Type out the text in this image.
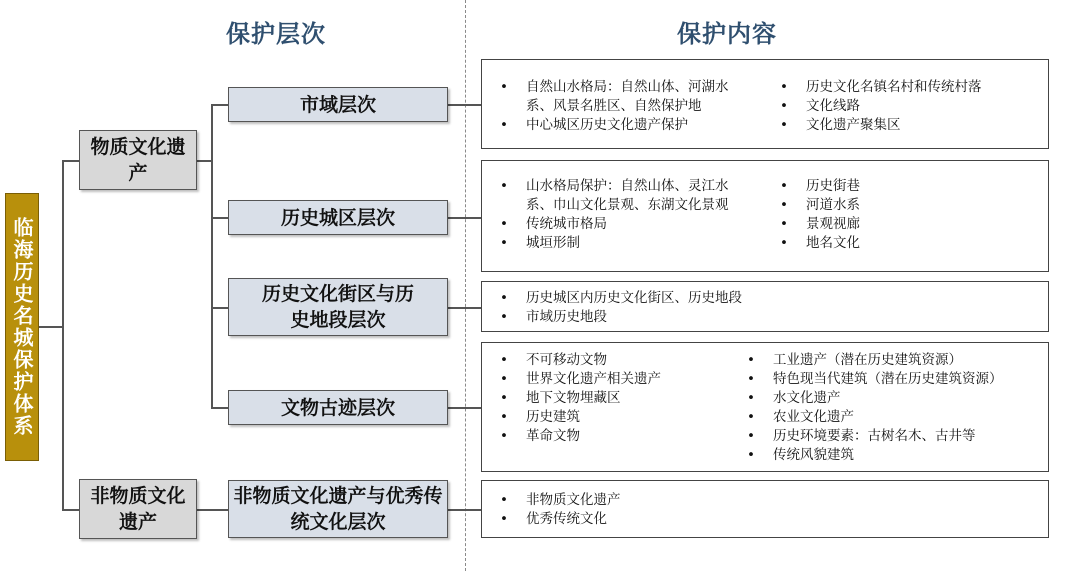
保护层次	保护内容
临海历史名城保护体系
物质文化遗产
非物质文化遗产
市域层次
历史城区层次
历史文化街区与历史地段层次
文物古迹层次
非物质文化遗产与优秀传统文化层次
• 自然山水格局：自然山体、河湖水系、风景名胜区、自然保护地
• 中心城区历史文化遗产保护
• 历史文化名镇名村和传统村落
• 文化线路
• 文化遗产聚集区
• 山水格局保护：自然山体、灵江水系、巾山文化景观、东湖文化景观
• 传统城市格局
• 城垣形制
• 历史街巷
• 河道水系
• 景观视廊
• 地名文化
• 历史城区内历史文化街区、历史地段
• 市域历史地段
• 不可移动文物
• 世界文化遗产相关遗产
• 地下文物埋藏区
• 历史建筑
• 革命文物
• 工业遗产（潜在历史建筑资源）
• 特色现当代建筑（潜在历史建筑资源）
• 水文化遗产
• 农业文化遗产
• 历史环境要素：古树名木、古井等
• 传统风貌建筑
• 非物质文化遗产
• 优秀传统文化
